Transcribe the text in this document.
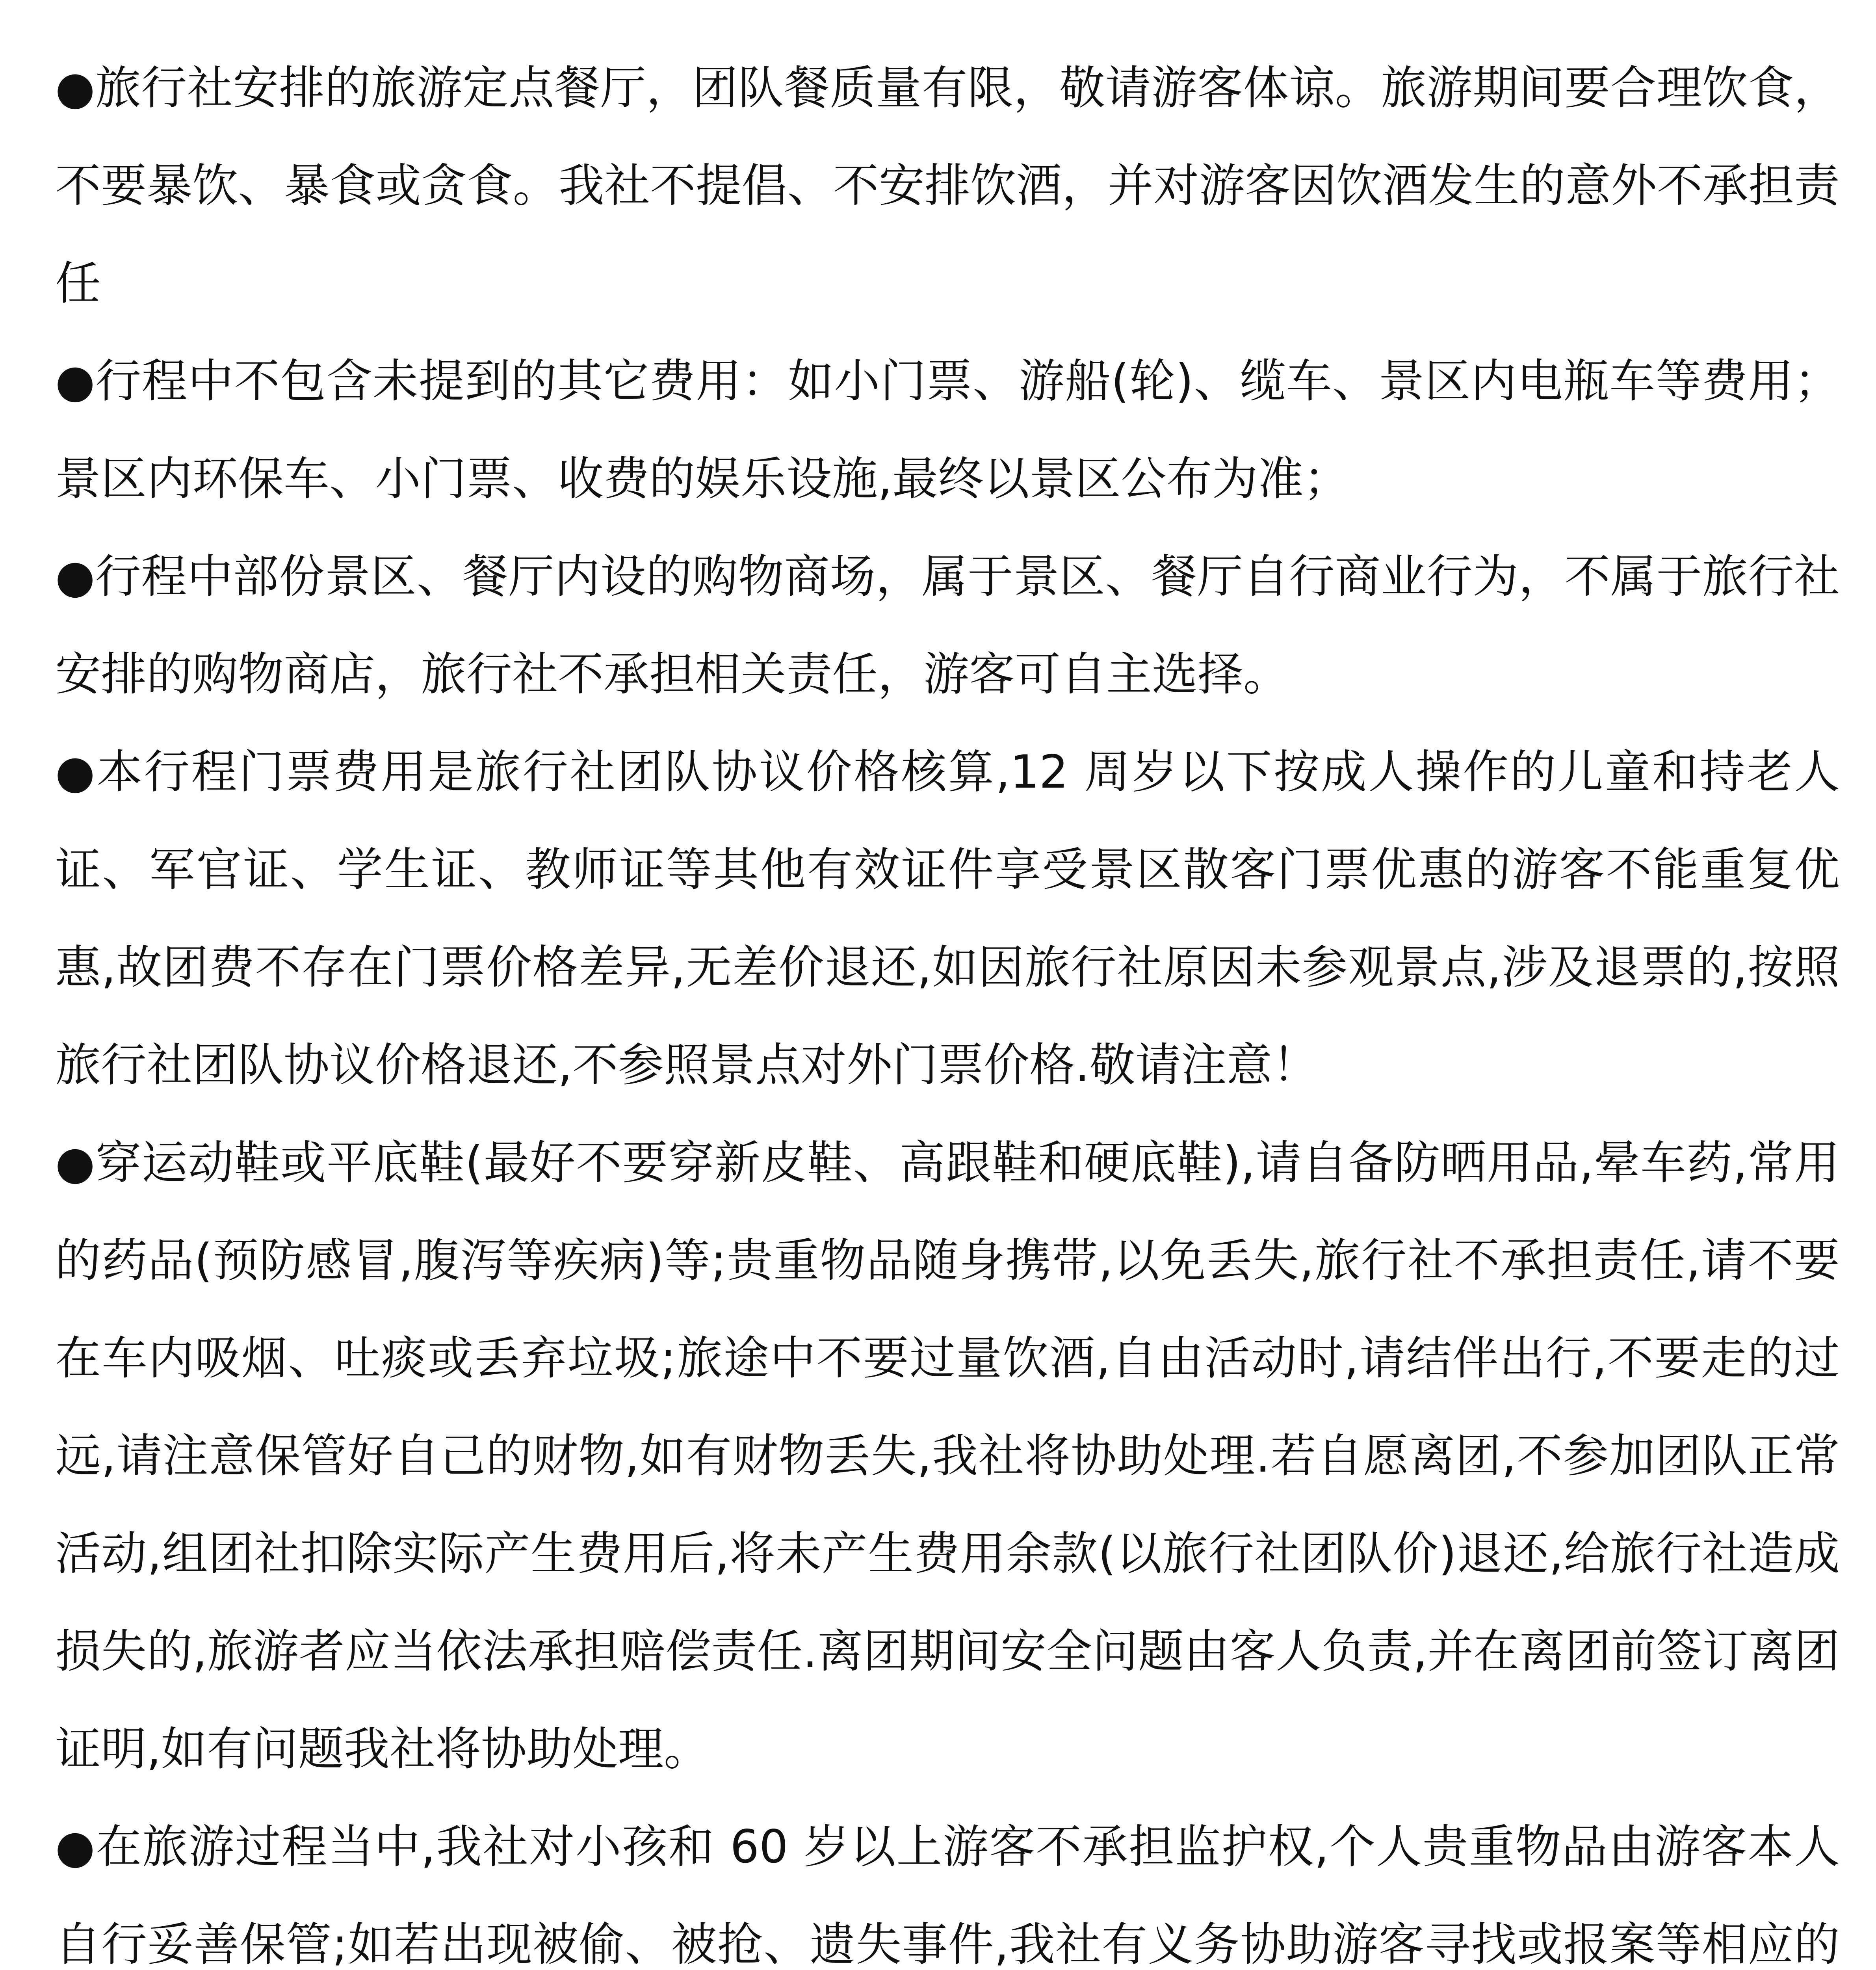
●旅行社安排的旅游定点餐厅，团队餐质量有限，敬请游客体谅。旅游期间要合理饮食，不要暴饮、暴食或贪食。我社不提倡、不安排饮酒，并对游客因饮酒发生的意外不承担责任

●行程中不包含未提到的其它费用：如小门票、游船(轮)、缆车、景区内电瓶车等费用；景区内环保车、小门票、收费的娱乐设施,最终以景区公布为准；

●行程中部份景区、餐厅内设的购物商场，属于景区、餐厅自行商业行为，不属于旅行社安排的购物商店，旅行社不承担相关责任，游客可自主选择。

●本行程门票费用是旅行社团队协议价格核算,12 周岁以下按成人操作的儿童和持老人证、军官证、学生证、教师证等其他有效证件享受景区散客门票优惠的游客不能重复优惠,故团费不存在门票价格差异,无差价退还,如因旅行社原因未参观景点,涉及退票的,按照旅行社团队协议价格退还,不参照景点对外门票价格.敬请注意！

●穿运动鞋或平底鞋(最好不要穿新皮鞋、高跟鞋和硬底鞋),请自备防晒用品,晕车药,常用的药品(预防感冒,腹泻等疾病)等;贵重物品随身携带,以免丢失,旅行社不承担责任,请不要在车内吸烟、吐痰或丢弃垃圾;旅途中不要过量饮酒,自由活动时,请结伴出行,不要走的过远,请注意保管好自己的财物,如有财物丢失,我社将协助处理.若自愿离团,不参加团队正常活动,组团社扣除实际产生费用后,将未产生费用余款(以旅行社团队价)退还,给旅行社造成损失的,旅游者应当依法承担赔偿责任.离团期间安全问题由客人负责,并在离团前签订离团证明,如有问题我社将协助处理。

●在旅游过程当中,我社对小孩和 60 岁以上游客不承担监护权,个人贵重物品由游客本人自行妥善保管;如若出现被偷、被抢、遗失事件,我社有义务协助游客寻找或报案等相应的
